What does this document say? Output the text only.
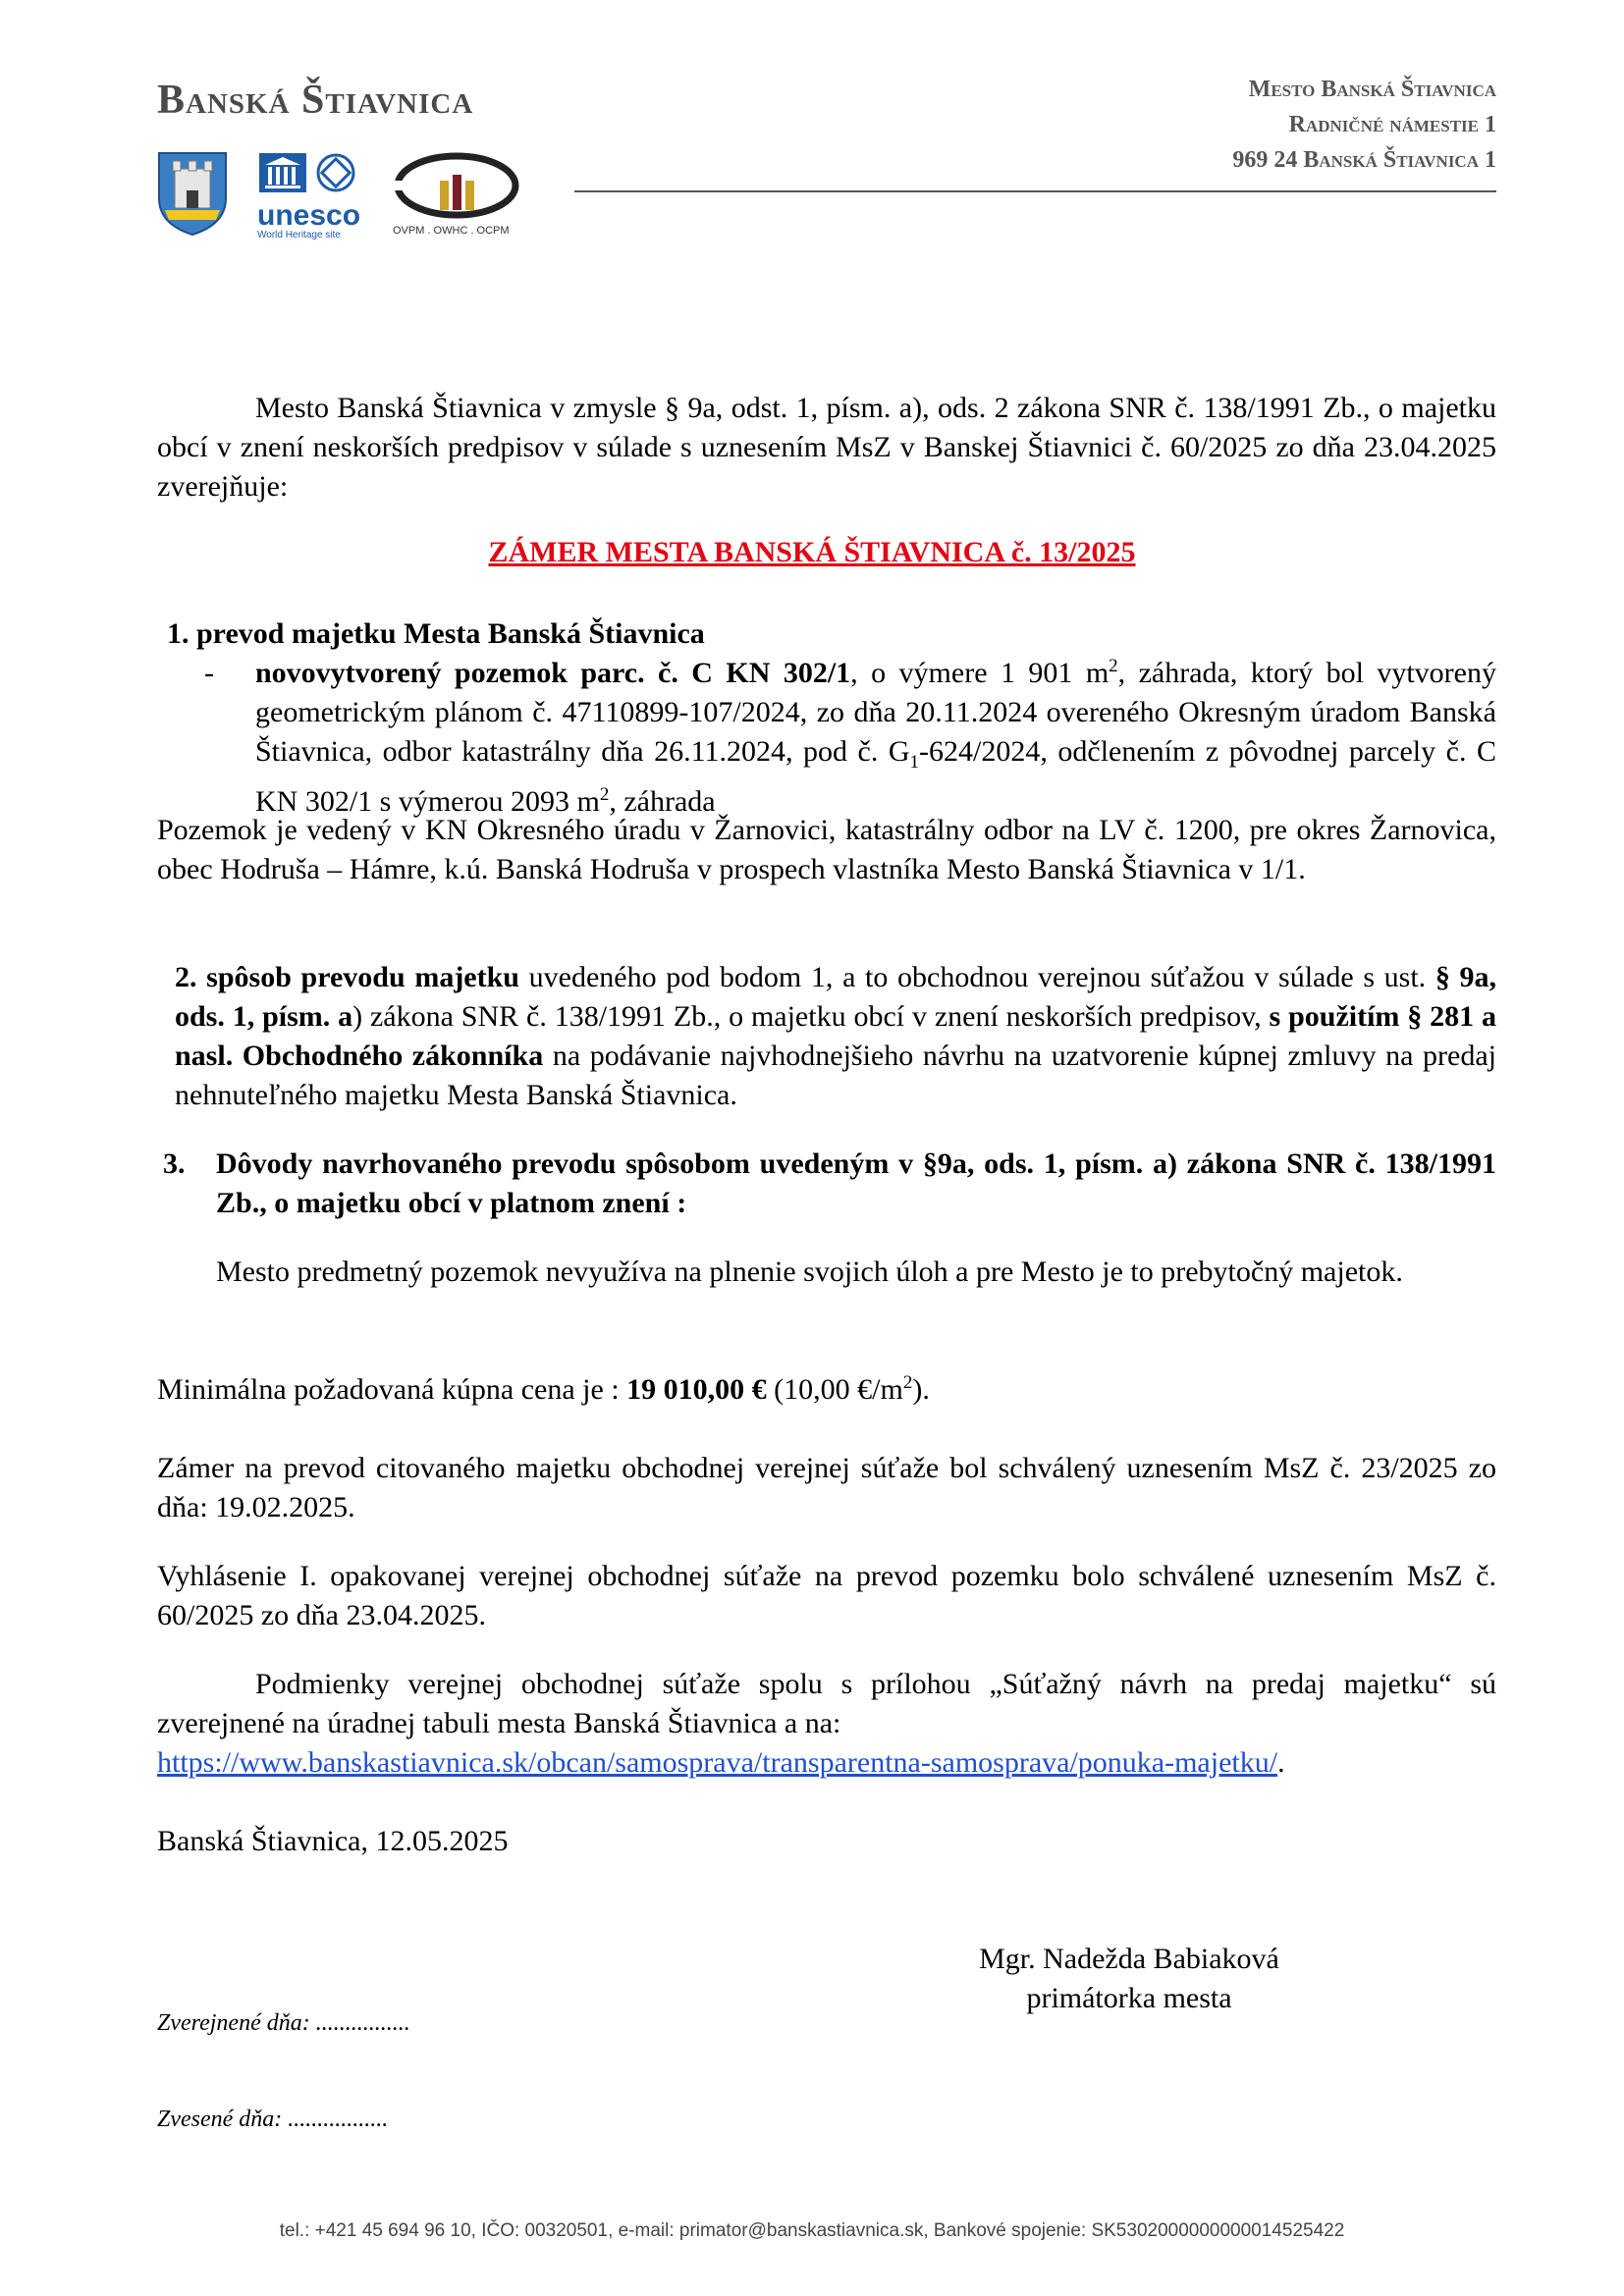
Banská Štiavnica	Mesto Banská Štiavnica
Radničné námestie 1
969 24 Banská Štiavnica 1
unesco
World Heritage site	OVPM . OWHC . OCPM
Mesto Banská Štiavnica v zmysle § 9a, odst. 1, písm. a), ods. 2 zákona SNR č. 138/1991 Zb., o majetku obcí v znení neskorších predpisov v súlade s uznesením MsZ v Banskej Štiavnici č. 60/2025 zo dňa 23.04.2025 zverejňuje:
ZÁMER MESTA BANSKÁ ŠTIAVNICA č. 13/2025
1. prevod majetku Mesta Banská Štiavnica
- novovytvorený pozemok parc. č. C KN 302/1, o výmere 1 901 $m^2$, záhrada, ktorý bol vytvorený geometrickým plánom č. 47110899-107/2024, zo dňa 20.11.2024 overeného Okresným úradom Banská Štiavnica, odbor katastrálny dňa 26.11.2024, pod č. $G_1-624/2024$, odčlenením z pôvodnej parcely č. C KN 302/1 s výmerou 2093 $m^2$, záhrada
Pozemok je vedený v KN Okresného úradu v Žarnovici, katastrálny odbor na LV č. 1200, pre okres Žarnovica, obec Hodruša – Hámre, k.ú. Banská Hodruša v prospech vlastníka Mesto Banská Štiavnica v 1/1.
2. spôsob prevodu majetku uvedeného pod bodom 1, a to obchodnou verejnou súťažou v súlade s ust. § 9a, ods. 1, písm. a) zákona SNR č. 138/1991 Zb., o majetku obcí v znení neskorších predpisov, s použitím § 281 a nasl. Obchodného zákonníka na podávanie najvhodnejšieho návrhu na uzatvorenie kúpnej zmluvy na predaj nehnuteľného majetku Mesta Banská Štiavnica.
3. Dôvody navrhovaného prevodu spôsobom uvedeným v §9a, ods. 1, písm. a) zákona SNR č. 138/1991 Zb., o majetku obcí v platnom znení :
Mesto predmetný pozemok nevyužíva na plnenie svojich úloh a pre Mesto je to prebytočný majetok.
Minimálna požadovaná kúpna cena je : 19 010,00 € (10,00 $€/m^2$).
Zámer na prevod citovaného majetku obchodnej verejnej súťaže bol schválený uznesením MsZ č. 23/2025 zo dňa: 19.02.2025.
Vyhlásenie I. opakovanej verejnej obchodnej súťaže na prevod pozemku bolo schválené uznesením MsZ č. 60/2025 zo dňa 23.04.2025.
Podmienky verejnej obchodnej súťaže spolu s prílohou „Súťažný návrh na predaj majetku“ sú zverejnené na úradnej tabuli mesta Banská Štiavnica a na:
https://www.banskastiavnica.sk/obcan/samosprava/transparentna-samosprava/ponuka-majetku/.
Banská Štiavnica, 12.05.2025
Mgr. Nadežda Babiaková
primátorka mesta
Zverejnené dňa: ................
Zvesené dňa: .................
tel.: +421 45 694 96 10, IČO: 00320501, e-mail: primator@banskastiavnica.sk, Bankové spojenie: SK5302000000000014525422
